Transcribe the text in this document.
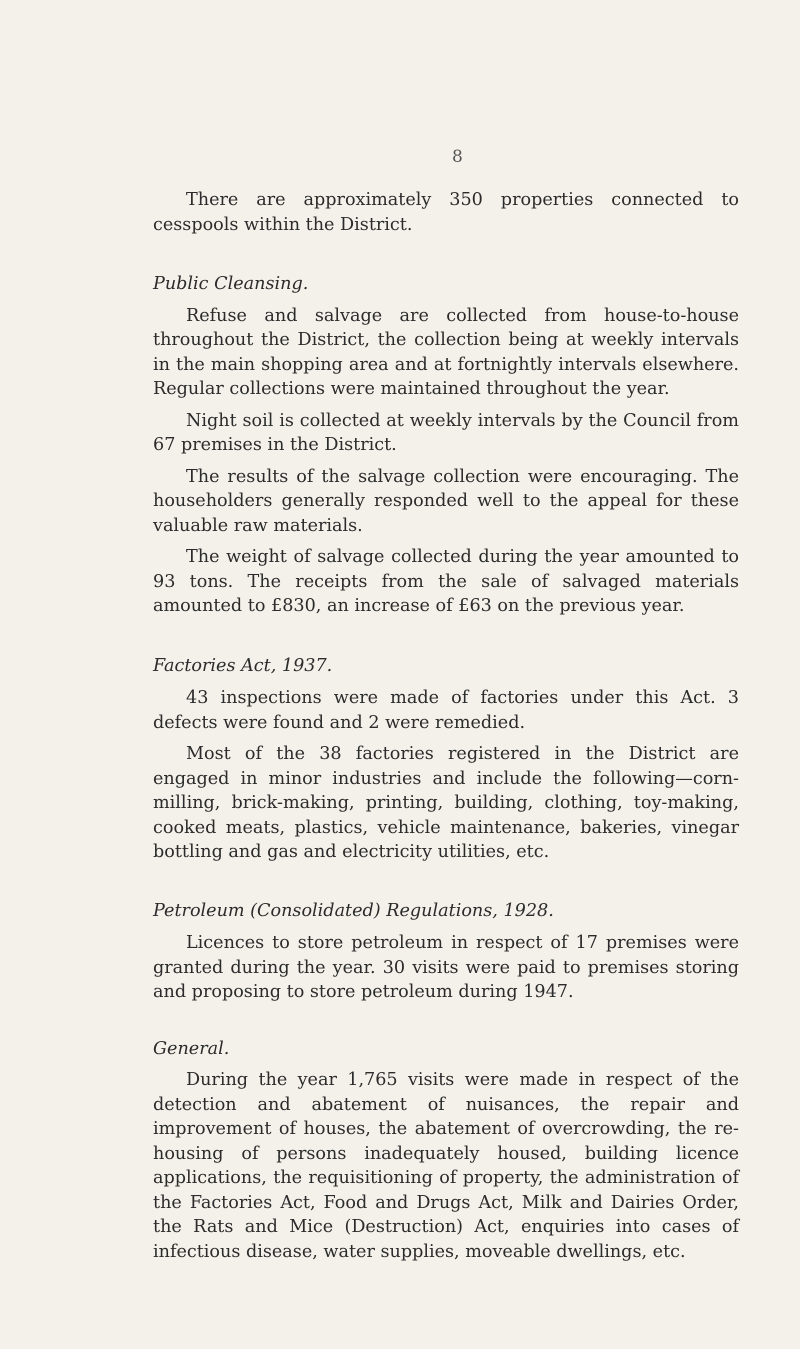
8

There are approximately 350 properties connected to cesspools within the District.

Public Cleansing.

Refuse and salvage are collected from house-to-house throughout the District, the collection being at weekly intervals in the main shopping area and at fortnightly intervals elsewhere. Regular collections were maintained throughout the year.

Night soil is collected at weekly intervals by the Council from 67 premises in the District.

The results of the salvage collection were encouraging. The householders generally responded well to the appeal for these valuable raw materials.

The weight of salvage collected during the year amounted to 93 tons. The receipts from the sale of salvaged materials amounted to £830, an increase of £63 on the previous year.

Factories Act, 1937.

43 inspections were made of factories under this Act. 3 defects were found and 2 were remedied.

Most of the 38 factories registered in the District are engaged in minor industries and include the following—corn-milling, brick-making, printing, building, clothing, toy-making, cooked meats, plastics, vehicle maintenance, bakeries, vinegar bottling and gas and electricity utilities, etc.

Petroleum (Consolidated) Regulations, 1928.

Licences to store petroleum in respect of 17 premises were granted during the year. 30 visits were paid to premises storing and proposing to store petroleum during 1947.

General.

During the year 1,765 visits were made in respect of the detection and abatement of nuisances, the repair and improvement of houses, the abatement of overcrowding, the re-housing of persons inadequately housed, building licence applications, the requisitioning of property, the administration of the Factories Act, Food and Drugs Act, Milk and Dairies Order, the Rats and Mice (Destruction) Act, enquiries into cases of infectious disease, water supplies, moveable dwellings, etc.
